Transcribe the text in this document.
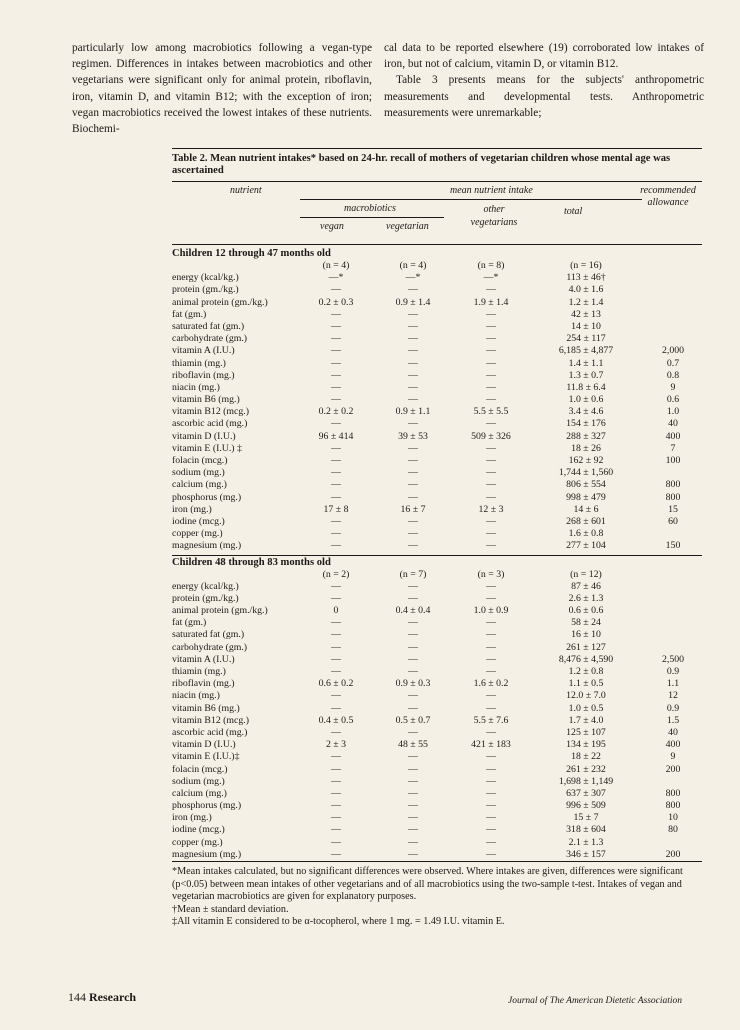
particularly low among macrobiotics following a vegan-type regimen. Differences in intakes between macrobiotics and other vegetarians were significant only for animal protein, riboflavin, iron, vitamin D, and vitamin B12; with the exception of iron; vegan macrobiotics received the lowest intakes of these nutrients. Biochemi-

cal data to be reported elsewhere (19) corroborated low intakes of iron, but not of calcium, vitamin D, or vitamin B12.

Table 3 presents means for the subjects' anthropometric measurements and developmental tests. Anthropometric measurements were unremarkable;

Table 2. Mean nutrient intakes* based on 24-hr. recall of mothers of vegetarian children whose mental age was ascertained
nutrient	mean nutrient intake	recommended allowance
macrobiotics	other vegetarians
total
vegan	vegetarian
Children 12 through 47 months old
(n = 4)	(n = 4)	(n = 8)	(n = 16)
energy (kcal/kg.)	—*	—*	—*	113 ± 46†
protein (gm./kg.)	—	—	—	4.0 ± 1.6
animal protein (gm./kg.)	0.2 ± 0.3	0.9 ± 1.4	1.9 ± 1.4	1.2 ± 1.4
fat (gm.)	—	—	—	42 ± 13
saturated fat (gm.)	—	—	—	14 ± 10
carbohydrate (gm.)	—	—	—	254 ± 117
vitamin A (I.U.)	—	—	—	6,185 ± 4,877	2,000
thiamin (mg.)	—	—	—	1.4 ± 1.1	0.7
riboflavin (mg.)	—	—	—	1.3 ± 0.7	0.8
niacin (mg.)	—	—	—	11.8 ± 6.4	9
vitamin B6 (mg.)	—	—	—	1.0 ± 0.6	0.6
vitamin B12 (mcg.)	0.2 ± 0.2	0.9 ± 1.1	5.5 ± 5.5	3.4 ± 4.6	1.0
ascorbic acid (mg.)	—	—	—	154 ± 176	40
vitamin D (I.U.)	96 ± 414	39 ± 53	509 ± 326	288 ± 327	400
vitamin E (I.U.) ‡	—	—	—	18 ± 26	7
folacin (mcg.)	—	—	—	162 ± 92	100
sodium (mg.)	—	—	—	1,744 ± 1,560
calcium (mg.)	—	—	—	806 ± 554	800
phosphorus (mg.)	—	—	—	998 ± 479	800
iron (mg.)	17 ± 8	16 ± 7	12 ± 3	14 ± 6	15
iodine (mcg.)	—	—	—	268 ± 601	60
copper (mg.)	—	—	—	1.6 ± 0.8
magnesium (mg.)	—	—	—	277 ± 104	150
Children 48 through 83 months old
(n = 2)	(n = 7)	(n = 3)	(n = 12)
energy (kcal/kg.)	—	—	—	87 ± 46
protein (gm./kg.)	—	—	—	2.6 ± 1.3
animal protein (gm./kg.)	0	0.4 ± 0.4	1.0 ± 0.9	0.6 ± 0.6
fat (gm.)	—	—	—	58 ± 24
saturated fat (gm.)	—	—	—	16 ± 10
carbohydrate (gm.)	—	—	—	261 ± 127
vitamin A (I.U.)	—	—	—	8,476 ± 4,590	2,500
thiamin (mg.)	—	—	—	1.2 ± 0.8	0.9
riboflavin (mg.)	0.6 ± 0.2	0.9 ± 0.3	1.6 ± 0.2	1.1 ± 0.5	1.1
niacin (mg.)	—	—	—	12.0 ± 7.0	12
vitamin B6 (mg.)	—	—	—	1.0 ± 0.5	0.9
vitamin B12 (mcg.)	0.4 ± 0.5	0.5 ± 0.7	5.5 ± 7.6	1.7 ± 4.0	1.5
ascorbic acid (mg.)	—	—	—	125 ± 107	40
vitamin D (I.U.)	2 ± 3	48 ± 55	421 ± 183	134 ± 195	400
vitamin E (I.U.)‡	—	—	—	18 ± 22	9
folacin (mcg.)	—	—	—	261 ± 232	200
sodium (mg.)	—	—	—	1,698 ± 1,149
calcium (mg.)	—	—	—	637 ± 307	800
phosphorus (mg.)	—	—	—	996 ± 509	800
iron (mg.)	—	—	—	15 ± 7	10
iodine (mcg.)	—	—	—	318 ± 604	80
copper (mg.)	—	—	—	2.1 ± 1.3
magnesium (mg.)	—	—	—	346 ± 157	200

*Mean intakes calculated, but no significant differences were observed. Where intakes are given, differences were significant (p<0.05) between mean intakes of other vegetarians and of all macrobiotics using the two-sample t-test. Intakes of vegan and vegetarian macrobiotics are given for explanatory purposes.

†Mean ± standard deviation.

‡All vitamin E considered to be α-tocopherol, where 1 mg. = 1.49 I.U. vitamin E.

144 Research	Journal of The American Dietetic Association
